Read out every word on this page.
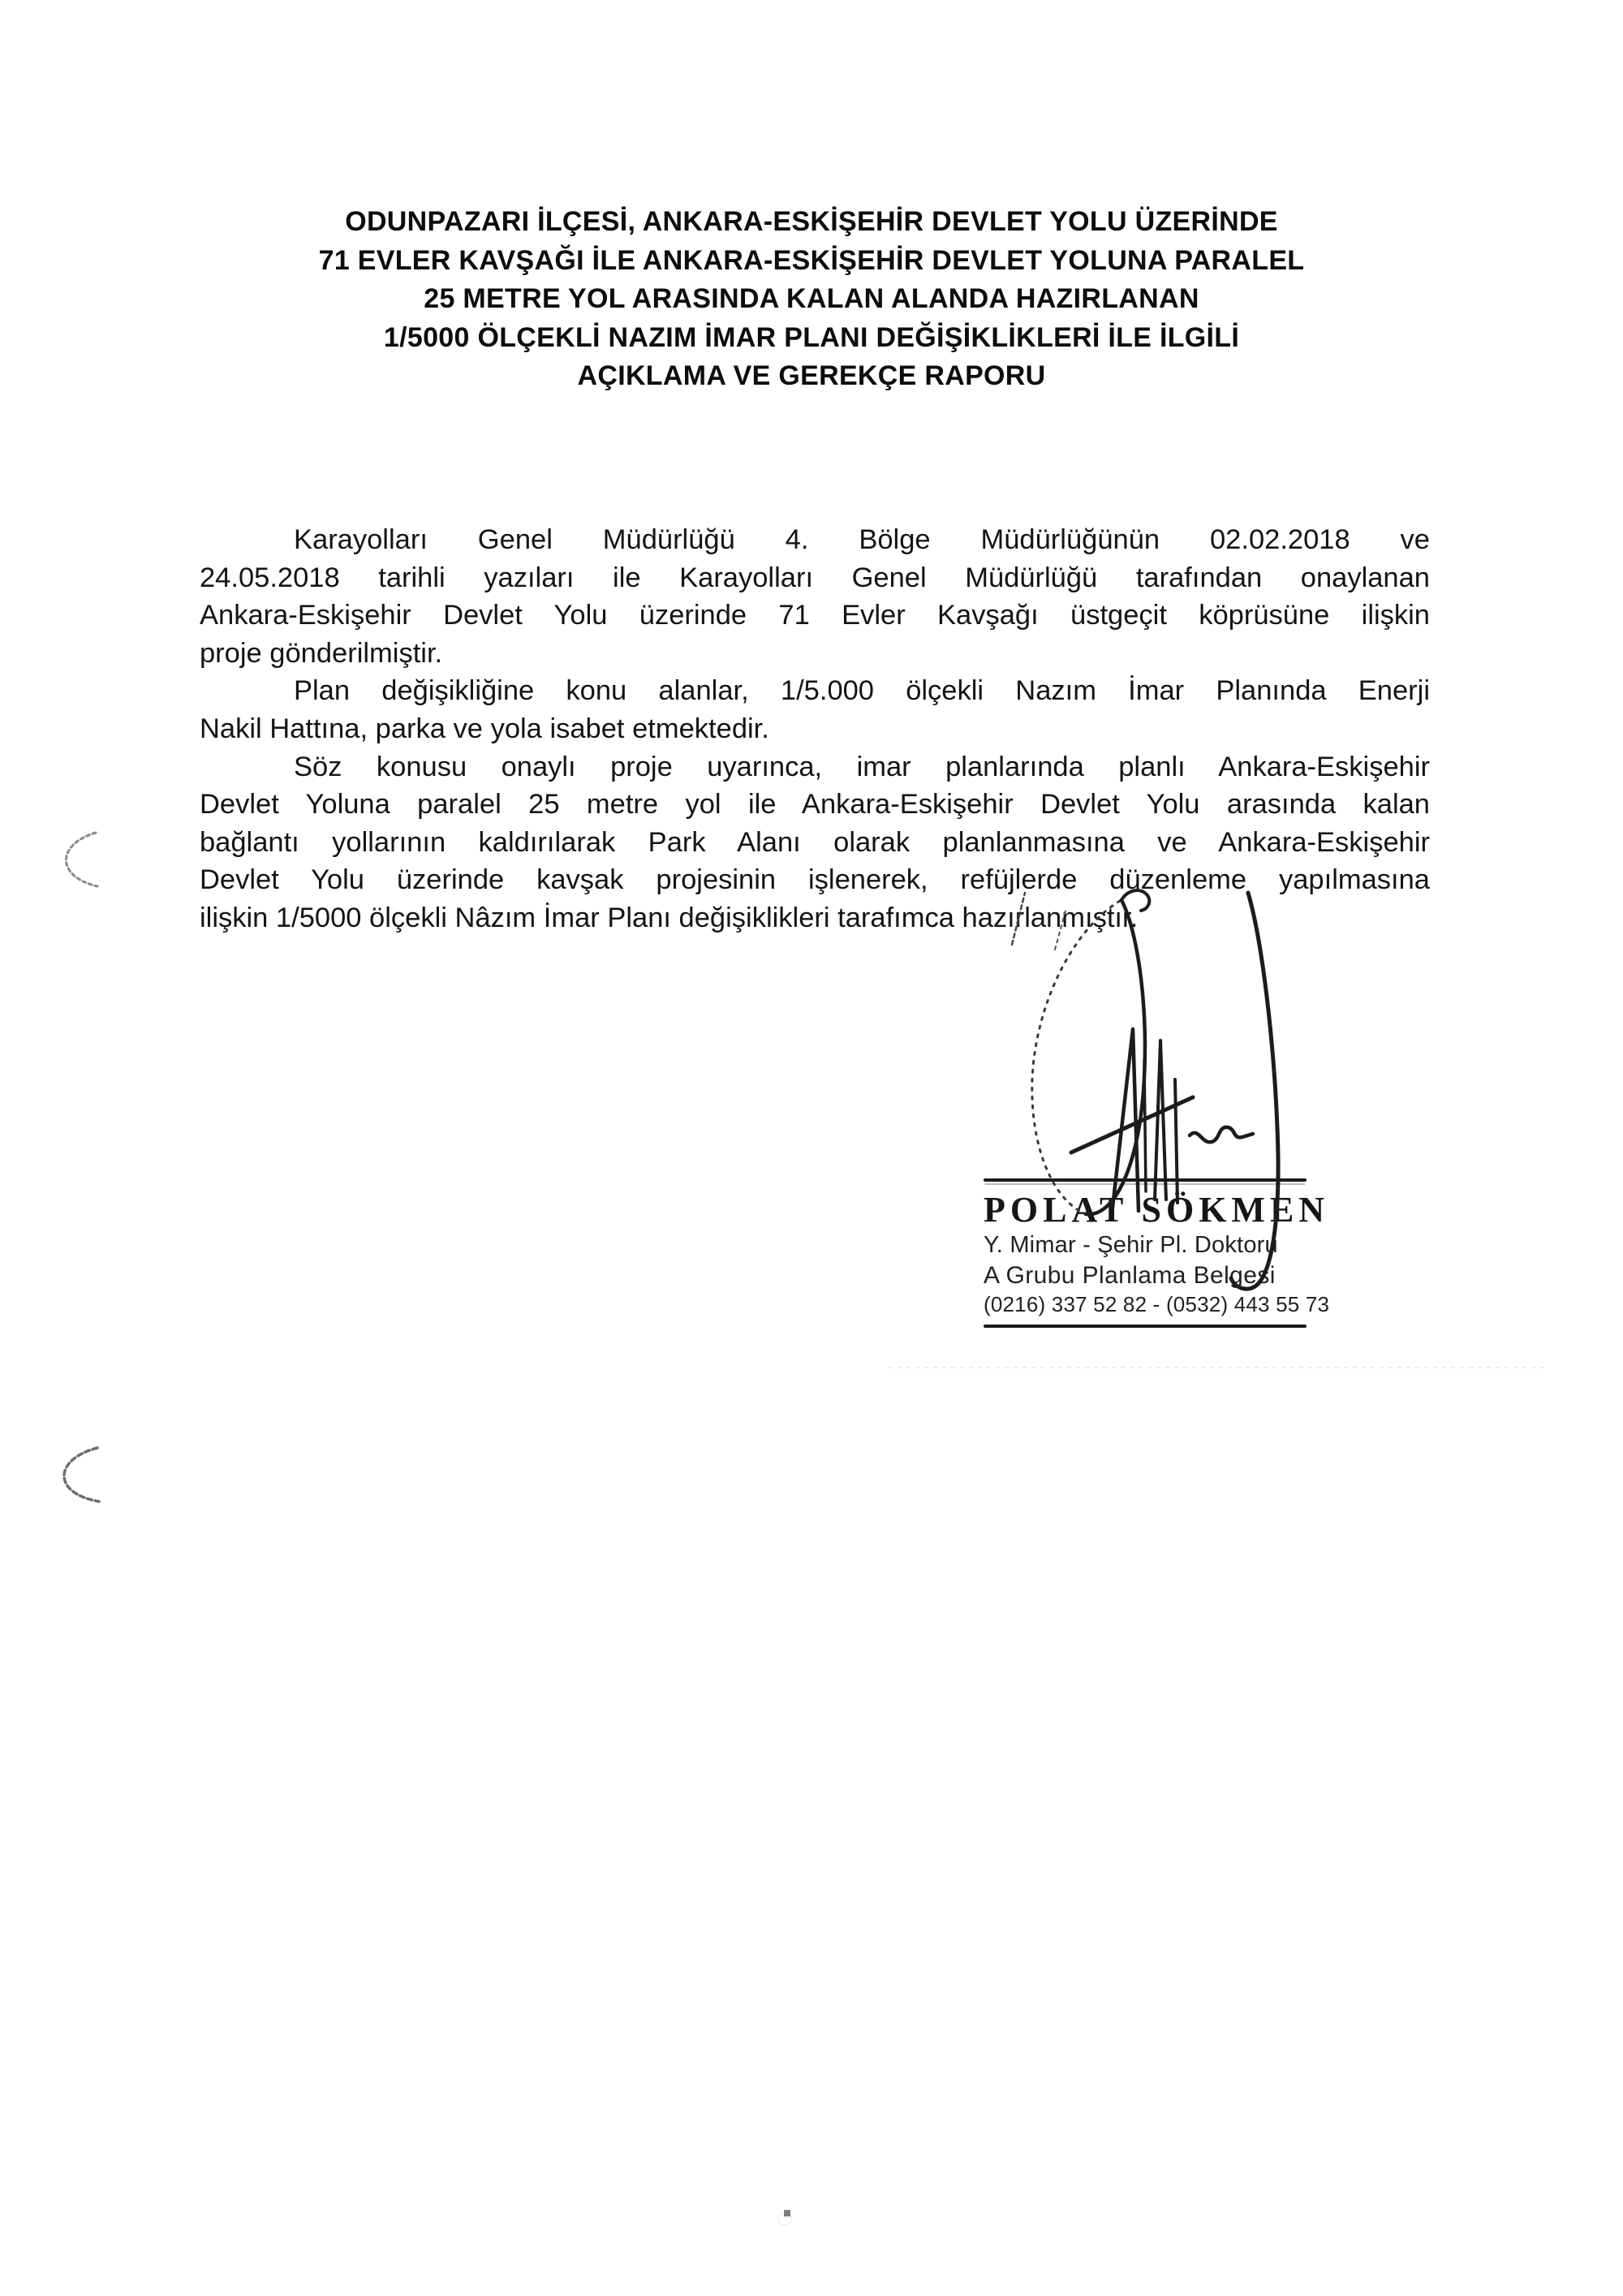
ODUNPAZARI İLÇESİ, ANKARA-ESKİŞEHİR DEVLET YOLU ÜZERİNDE
71 EVLER KAVŞAĞI İLE ANKARA-ESKİŞEHİR DEVLET YOLUNA PARALEL
25 METRE YOL ARASINDA KALAN ALANDA HAZIRLANAN
1/5000 ÖLÇEKLİ NAZIM İMAR PLANI DEĞİŞİKLİKLERİ İLE İLGİLİ
AÇIKLAMA VE GEREKÇE RAPORU
Karayolları Genel Müdürlüğü 4. Bölge Müdürlüğünün 02.02.2018 ve
24.05.2018 tarihli yazıları ile Karayolları Genel Müdürlüğü tarafından onaylanan
Ankara-Eskişehir Devlet Yolu üzerinde 71 Evler Kavşağı üstgeçit köprüsüne ilişkin
proje gönderilmiştir.
Plan değişikliğine konu alanlar, 1/5.000 ölçekli Nazım İmar Planında Enerji
Nakil Hattına, parka ve yola isabet etmektedir.
Söz konusu onaylı proje uyarınca, imar planlarında planlı Ankara-Eskişehir
Devlet Yoluna paralel 25 metre yol ile Ankara-Eskişehir Devlet Yolu arasında kalan
bağlantı yollarının kaldırılarak Park Alanı olarak planlanmasına ve Ankara-Eskişehir
Devlet Yolu üzerinde kavşak projesinin işlenerek, refüjlerde düzenleme yapılmasına
ilişkin 1/5000 ölçekli Nâzım İmar Planı değişiklikleri tarafımca hazırlanmıştır.
POLAT SÖKMEN
Y. Mimar - Şehir Pl. Doktoru
A Grubu Planlama Belgesi
(0216) 337 52 82 - (0532) 443 55 73
